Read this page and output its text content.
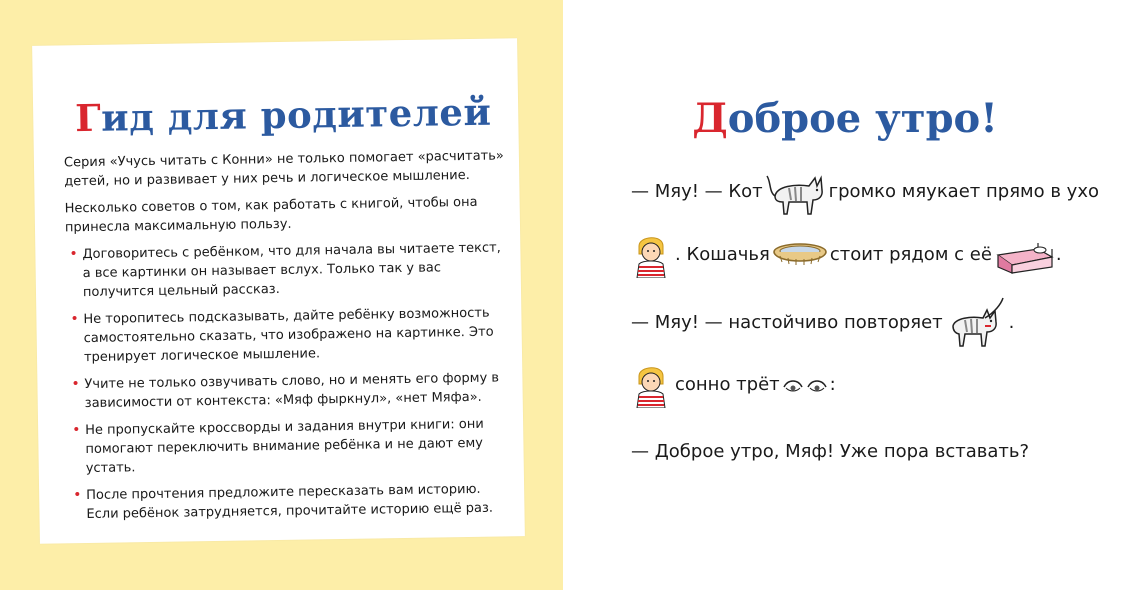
Гид для родителей

Серия «Учусь читать с Конни» не только помогает «расчитать» детей, но и развивает у них речь и логическое мышление.

Несколько советов о том, как работать с книгой, чтобы она принесла максимальную пользу.

• Договоритесь с ребёнком, что для начала вы читаете текст, а все картинки он называет вслух. Только так у вас получится цельный рассказ.
• Не торопитесь подсказывать, дайте ребёнку возможность самостоятельно сказать, что изображено на картинке. Это тренирует логическое мышление.
• Учите не только озвучивать слово, но и менять его форму в зависимости от контекста: «Мяф фыркнул», «нет Мяфа».
• Не пропускайте кроссворды и задания внутри книги: они помогают переключить внимание ребёнка и не дают ему устать.
• После прочтения предложите пересказать вам историю. Если ребёнок затрудняется, прочитайте историю ещё раз.
Доброе утро!
— Мяу! — Кот	громко мяукает прямо в ухо
. Кошачья	стоит рядом с её	.
— Мяу! — настойчиво повторяет	.
сонно трёт	:
— Доброе утро, Мяф! Уже пора вставать?
